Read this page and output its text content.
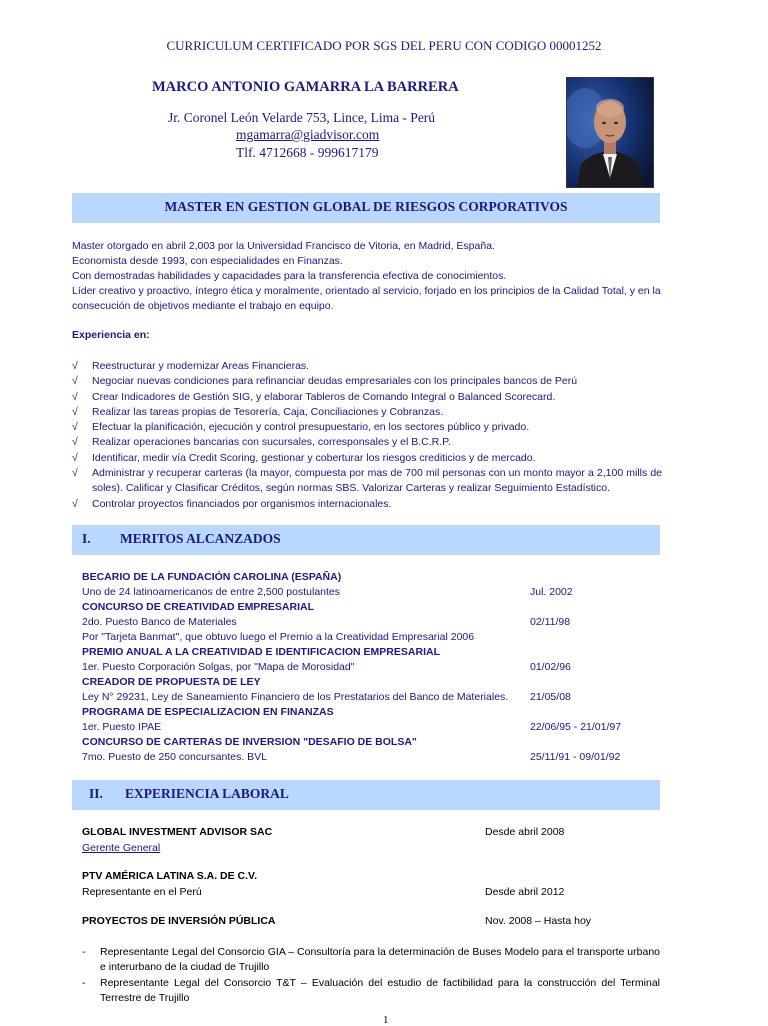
CURRICULUM CERTIFICADO POR SGS DEL PERU CON CODIGO 00001252
MARCO ANTONIO GAMARRA LA BARRERA
Jr. Coronel León Velarde 753, Lince, Lima - Perú
mgamarra@giadvisor.com
Tlf. 4712668 - 999617179
MASTER EN GESTION GLOBAL DE RIESGOS CORPORATIVOS
Master otorgado en abril 2,003 por la Universidad Francisco de Vitoria, en Madrid, España.
Economista desde 1993, con especialidades en Finanzas.
Con demostradas habilidades y capacidades para la transferencia efectiva de conocimientos.
Líder creativo y proactivo, íntegro ética y moralmente, orientado al servicio, forjado en los principios de la Calidad Total, y en la consecución de objetivos mediante el trabajo en equipo.
Experiencia en:
√ Reestructurar y modernizar Areas Financieras.
√ Negociar nuevas condiciones para refinanciar deudas empresariales con los principales bancos de Perú
√ Crear Indicadores de Gestión SIG, y elaborar Tableros de Comando Integral o Balanced Scorecard.
√ Realizar las tareas propias de Tesorería, Caja, Conciliaciones y Cobranzas.
√ Efectuar la planificación, ejecución y control presupuestario, en los sectores público y privado.
√ Realizar operaciones bancarias con sucursales, corresponsales y el B.C.R.P.
√ Identificar, medir vía Credit Scoring, gestionar y coberturar los riesgos crediticios y de mercado.
√ Administrar y recuperar carteras (la mayor, compuesta por mas de 700 mil personas con un monto mayor a 2,100 mills de soles). Calificar y Clasificar Créditos, según normas SBS. Valorizar Carteras y realizar Seguimiento Estadístico.
√ Controlar proyectos financiados por organismos internacionales.
I. MERITOS ALCANZADOS
BECARIO DE LA FUNDACIÓN CAROLINA (ESPAÑA)
Uno de 24 latinoamericanos de entre 2,500 postulantes	Jul. 2002
CONCURSO DE CREATIVIDAD EMPRESARIAL
2do. Puesto Banco de Materiales	02/11/98
Por "Tarjeta Banmat", que obtuvo luego el Premio a la Creatividad Empresarial 2006
PREMIO ANUAL A LA CREATIVIDAD E IDENTIFICACION EMPRESARIAL
1er. Puesto Corporación Solgas, por "Mapa de Morosidad"	01/02/96
CREADOR DE PROPUESTA DE LEY
Ley N° 29231, Ley de Saneamiento Financiero de los Prestatarios del Banco de Materiales. 21/05/08
PROGRAMA DE ESPECIALIZACION EN FINANZAS
1er. Puesto IPAE	22/06/95 - 21/01/97
CONCURSO DE CARTERAS DE INVERSION "DESAFIO DE BOLSA"
7mo. Puesto de 250 concursantes. BVL	25/11/91 - 09/01/92
II. EXPERIENCIA LABORAL
GLOBAL INVESTMENT ADVISOR SAC	Desde abril 2008
Gerente General
PTV AMÉRICA LATINA S.A. DE C.V.
Representante en el Perú	Desde abril 2012
PROYECTOS DE INVERSIÓN PÚBLICA	Nov. 2008 – Hasta hoy
- Representante Legal del Consorcio GIA – Consultoría para la determinación de Buses Modelo para el transporte urbano e interurbano de la ciudad de Trujillo
- Representante Legal del Consorcio T&T – Evaluación del estudio de factibilidad para la construcción del Terminal Terrestre de Trujillo
1
